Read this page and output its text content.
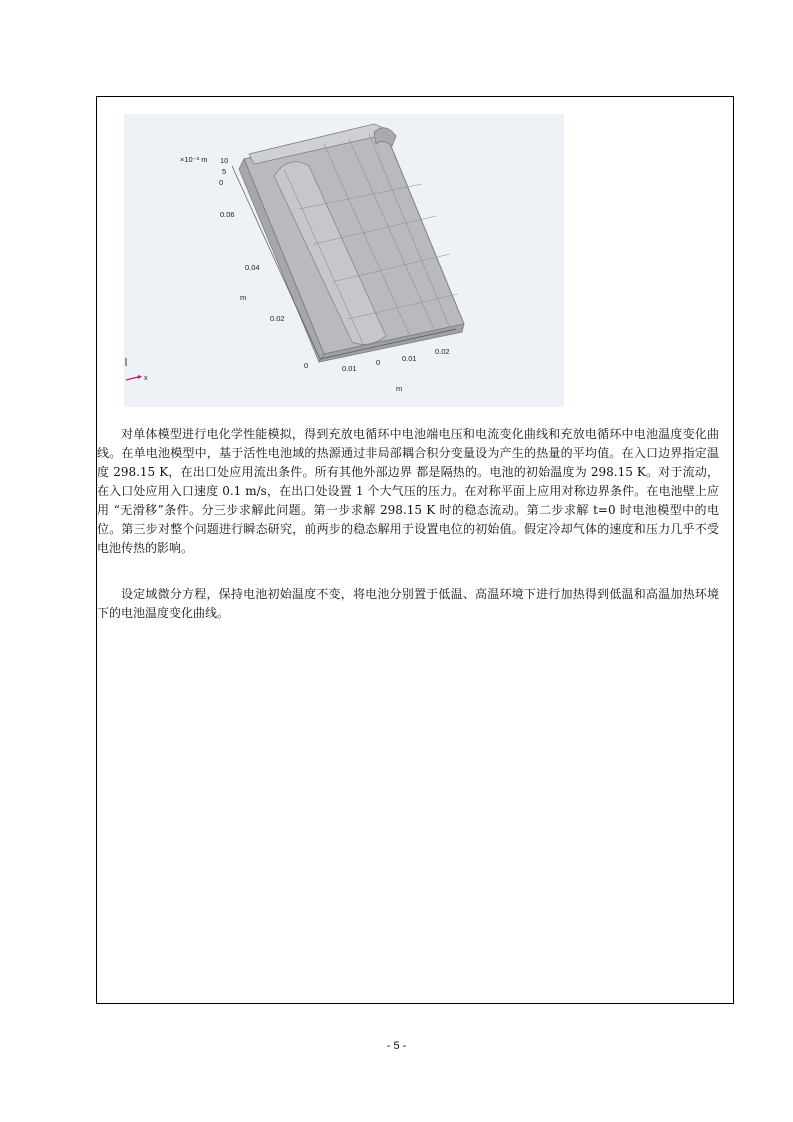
×10⁻³ m 10
5
0
0.06
0.04
m
0.02
0	0.01
0	0.01
0.02
m
x

对单体模型进行电化学性能模拟，得到充放电循环中电池端电压和电流变化曲线和充放电循环中电池温度变化曲线。在单电池模型中，基于活性电池域的热源通过非局部耦合积分变量设为产生的热量的平均值。在入口边界指定温度 298.15 K，在出口处应用流出条件。所有其他外部边界 都是隔热的。电池的初始温度为 298.15 K。对于流动，在入口处应用入口速度 0.1 m/s，在出口处设置 1 个大气压的压力。在对称平面上应用对称边界条件。在电池壁上应用 “无滑移”条件。分三步求解此问题。第一步求解 298.15 K 时的稳态流动。第二步求解 t=0 时电池模型中的电位。第三步对整个问题进行瞬态研究，前两步的稳态解用于设置电位的初始值。假定冷却气体的速度和压力几乎不受电池传热的影响。

设定域微分方程，保持电池初始温度不变，将电池分别置于低温、高温环境下进行加热得到低温和高温加热环境下的电池温度变化曲线。

- 5 -
